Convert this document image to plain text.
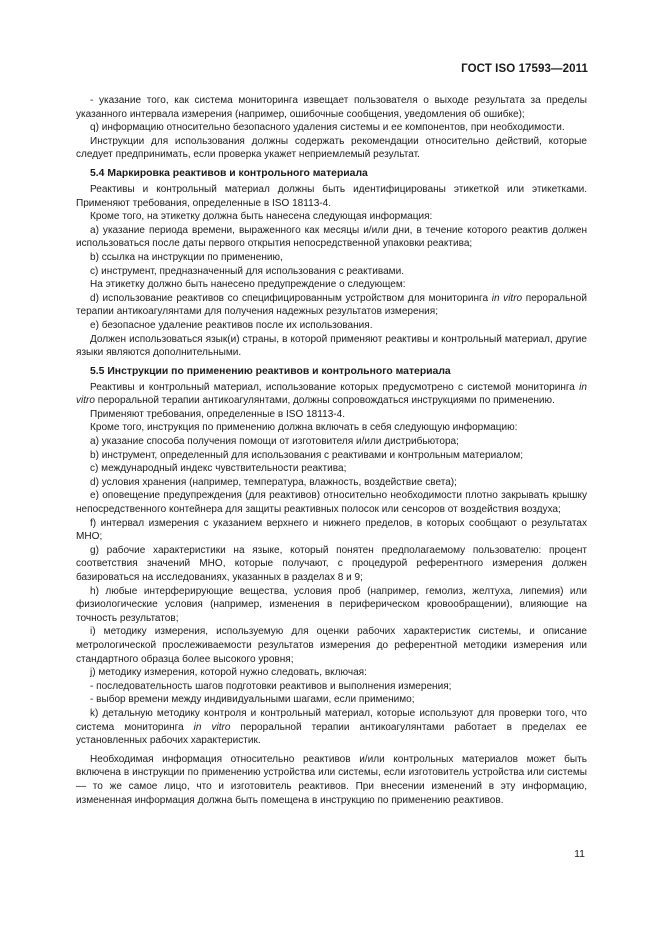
ГОСТ ISO 17593—2011

- указание того, как система мониторинга извещает пользователя о выходе результата за пределы указанного интервала измерения (например, ошибочные сообщения, уведомления об ошибке);

q) информацию относительно безопасного удаления системы и ее компонентов, при необходимости.

Инструкции для использования должны содержать рекомендации относительно действий, которые следует предпринимать, если проверка укажет неприемлемый результат.

5.4 Маркировка реактивов и контрольного материала

Реактивы и контрольный материал должны быть идентифицированы этикеткой или этикетками. Применяют требования, определенные в ISO 18113-4.

Кроме того, на этикетку должна быть нанесена следующая информация:

а) указание периода времени, выраженного как месяцы и/или дни, в течение которого реактив должен использоваться после даты первого открытия непосредственной упаковки реактива;

b) ссылка на инструкции по применению,

с) инструмент, предназначенный для использования с реактивами.

На этикетку должно быть нанесено предупреждение о следующем:

d) использование реактивов со специфицированным устройством для мониторинга in vitro пероральной терапии антикоагулянтами для получения надежных результатов измерения;

e) безопасное удаление реактивов после их использования.

Должен использоваться язык(и) страны, в которой применяют реактивы и контрольный материал, другие языки являются дополнительными.

5.5 Инструкции по применению реактивов и контрольного материала

Реактивы и контрольный материал, использование которых предусмотрено с системой мониторинга in vitro пероральной терапии антикоагулянтами, должны сопровождаться инструкциями по применению.

Применяют требования, определенные в ISO 18113-4.

Кроме того, инструкция по применению должна включать в себя следующую информацию:

а) указание способа получения помощи от изготовителя и/или дистрибьютора;

b) инструмент, определенный для использования с реактивами и контрольным материалом;

c) международный индекс чувствительности реактива;

d) условия хранения (например, температура, влажность, воздействие света);

e) оповещение предупреждения (для реактивов) относительно необходимости плотно закрывать крышку непосредственного контейнера для защиты реактивных полосок или сенсоров от воздействия воздуха;

f) интервал измерения с указанием верхнего и нижнего пределов, в которых сообщают о результатах МНО;

g) рабочие характеристики на языке, который понятен предполагаемому пользователю: процент соответствия значений МНО, которые получают, с процедурой референтного измерения должен базироваться на исследованиях, указанных в разделах 8 и 9;

h) любые интерферирующие вещества, условия проб (например, гемолиз, желтуха, липемия) или физиологические условия (например, изменения в периферическом кровообращении), влияющие на точность результатов;

i) методику измерения, используемую для оценки рабочих характеристик системы, и описание метрологической прослеживаемости результатов измерения до референтной методики измерения или стандартного образца более высокого уровня;

j) методику измерения, которой нужно следовать, включая:

- последовательность шагов подготовки реактивов и выполнения измерения;

- выбор времени между индивидуальными шагами, если применимо;

k) детальную методику контроля и контрольный материал, которые используют для проверки того, что система мониторинга in vitro пероральной терапии антикоагулянтами работает в пределах ее установленных рабочих характеристик.

Необходимая информация относительно реактивов и/или контрольных материалов может быть включена в инструкции по применению устройства или системы, если изготовитель устройства или системы — то же самое лицо, что и изготовитель реактивов. При внесении изменений в эту информацию, измененная информация должна быть помещена в инструкцию по применению реактивов.

11
